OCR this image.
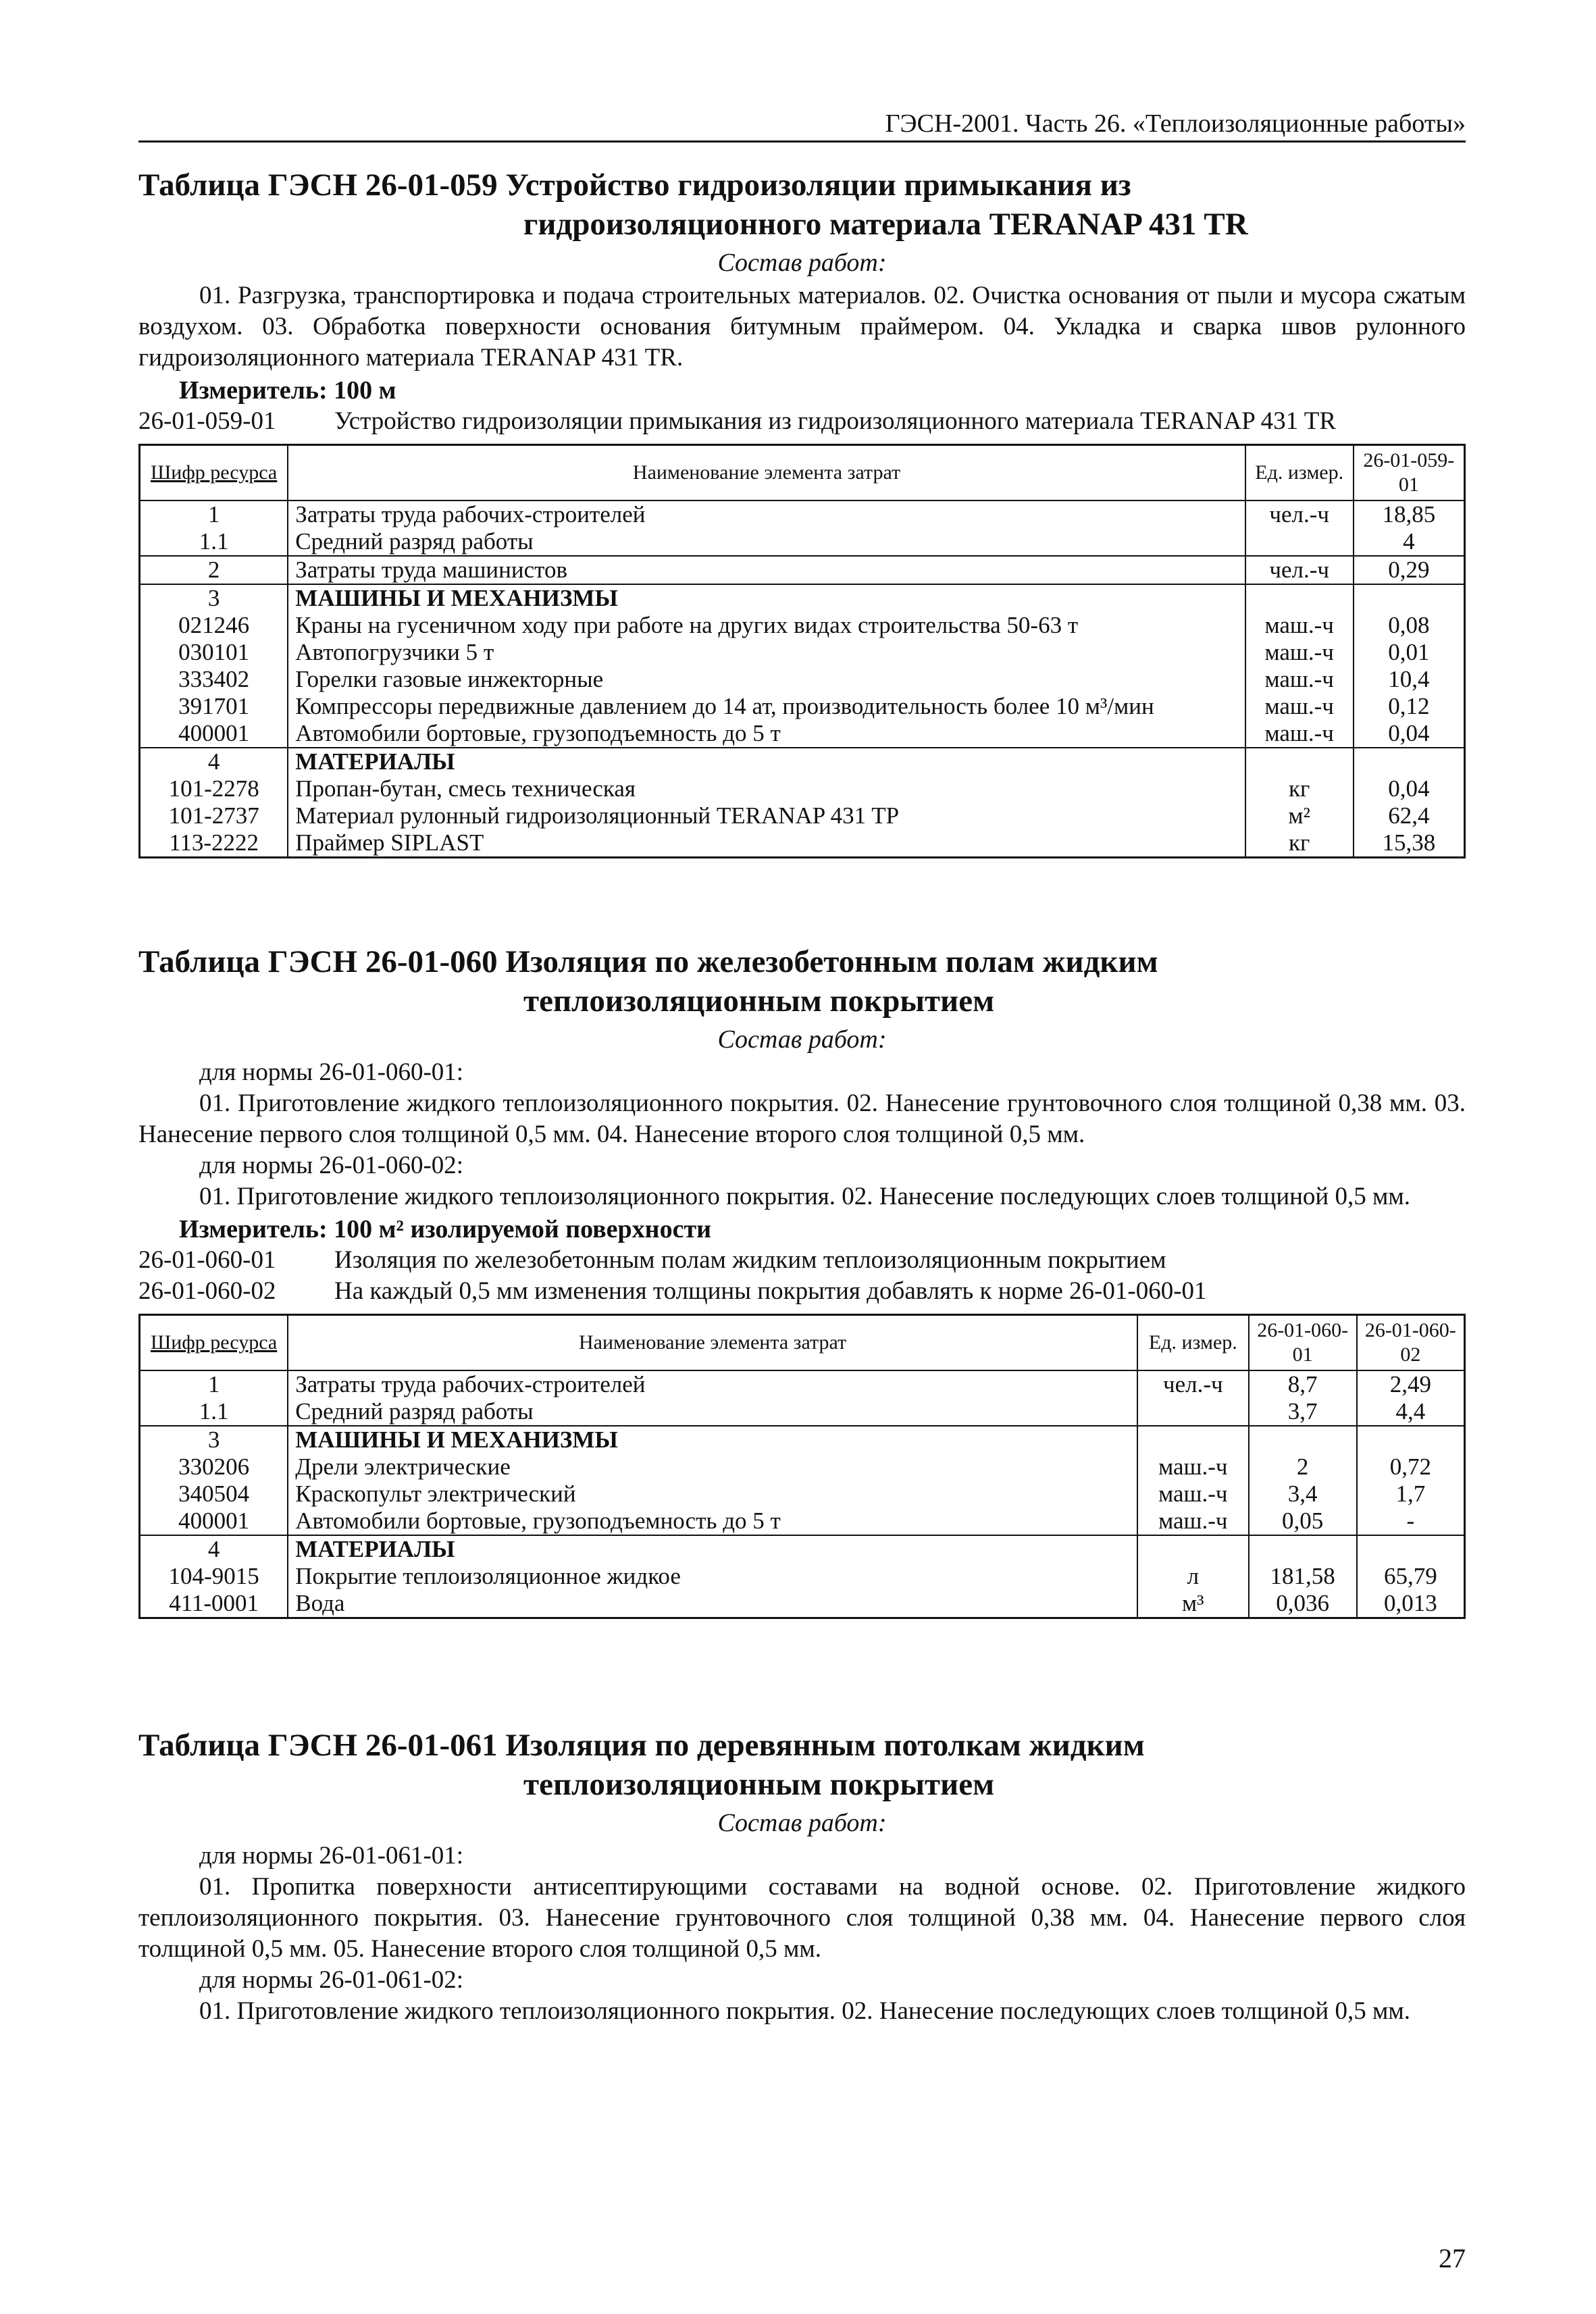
ГЭСН-2001. Часть 26. «Теплоизоляционные работы»
Таблица ГЭСН 26-01-059 Устройство гидроизоляции примыкания из
гидроизоляционного материала TERANAP 431 TR
Состав работ:

01. Разгрузка, транспортировка и подача строительных материалов. 02. Очистка основания от пыли и мусора сжатым воздухом. 03. Обработка поверхности основания битумным праймером. 04. Укладка и сварка швов рулонного гидроизоляционного материала TERANAP 431 TR.

Измеритель: 100 м
26-01-059-01	Устройство гидроизоляции примыкания из гидроизоляционного материала TERANAP 431 TR
Шифр ресурса	Наименование элемента затрат	Ед. измер.	26-01-059-01
1	Затраты труда рабочих-строителей	чел.-ч	18,85
1.1	Средний разряд работы		4
2	Затраты труда машинистов	чел.-ч	0,29
3	МАШИНЫ И МЕХАНИЗМЫ		
021246	Краны на гусеничном ходу при работе на других видах строительства 50-63 т	маш.-ч	0,08
030101	Автопогрузчики 5 т	маш.-ч	0,01
333402	Горелки газовые инжекторные	маш.-ч	10,4
391701	Компрессоры передвижные давлением до 14 ат, производительность более 10 м³/мин	маш.-ч	0,12
400001	Автомобили бортовые, грузоподъемность до 5 т	маш.-ч	0,04
4	МАТЕРИАЛЫ		
101-2278	Пропан-бутан, смесь техническая	кг	0,04
101-2737	Материал рулонный гидроизоляционный TERANAP 431 TP	м²	62,4
113-2222	Праймер SIPLAST	кг	15,38
Таблица ГЭСН 26-01-060 Изоляция по железобетонным полам жидким
теплоизоляционным покрытием
Состав работ:

для нормы 26-01-060-01:

01. Приготовление жидкого теплоизоляционного покрытия. 02. Нанесение грунтовочного слоя толщиной 0,38 мм. 03. Нанесение первого слоя толщиной 0,5 мм. 04. Нанесение второго слоя толщиной 0,5 мм.

для нормы 26-01-060-02:

01. Приготовление жидкого теплоизоляционного покрытия. 02. Нанесение последующих слоев толщиной 0,5 мм.

Измеритель: 100 м² изолируемой поверхности
26-01-060-01	Изоляция по железобетонным полам жидким теплоизоляционным покрытием
26-01-060-02	На каждый 0,5 мм изменения толщины покрытия добавлять к норме 26-01-060-01
Шифр ресурса	Наименование элемента затрат	Ед. измер.	26-01-060-01	26-01-060-02
1	Затраты труда рабочих-строителей	чел.-ч	8,7	2,49
1.1	Средний разряд работы		3,7	4,4
3	МАШИНЫ И МЕХАНИЗМЫ			
330206	Дрели электрические	маш.-ч	2	0,72
340504	Краскопульт электрический	маш.-ч	3,4	1,7
400001	Автомобили бортовые, грузоподъемность до 5 т	маш.-ч	0,05	-
4	МАТЕРИАЛЫ			
104-9015	Покрытие теплоизоляционное жидкое	л	181,58	65,79
411-0001	Вода	м³	0,036	0,013
Таблица ГЭСН 26-01-061 Изоляция по деревянным потолкам жидким
теплоизоляционным покрытием
Состав работ:

для нормы 26-01-061-01:

01. Пропитка поверхности антисептирующими составами на водной основе. 02. Приготовление жидкого теплоизоляционного покрытия. 03. Нанесение грунтовочного слоя толщиной 0,38 мм. 04. Нанесение первого слоя толщиной 0,5 мм. 05. Нанесение второго слоя толщиной 0,5 мм.

для нормы 26-01-061-02:

01. Приготовление жидкого теплоизоляционного покрытия. 02. Нанесение последующих слоев толщиной 0,5 мм.

27
